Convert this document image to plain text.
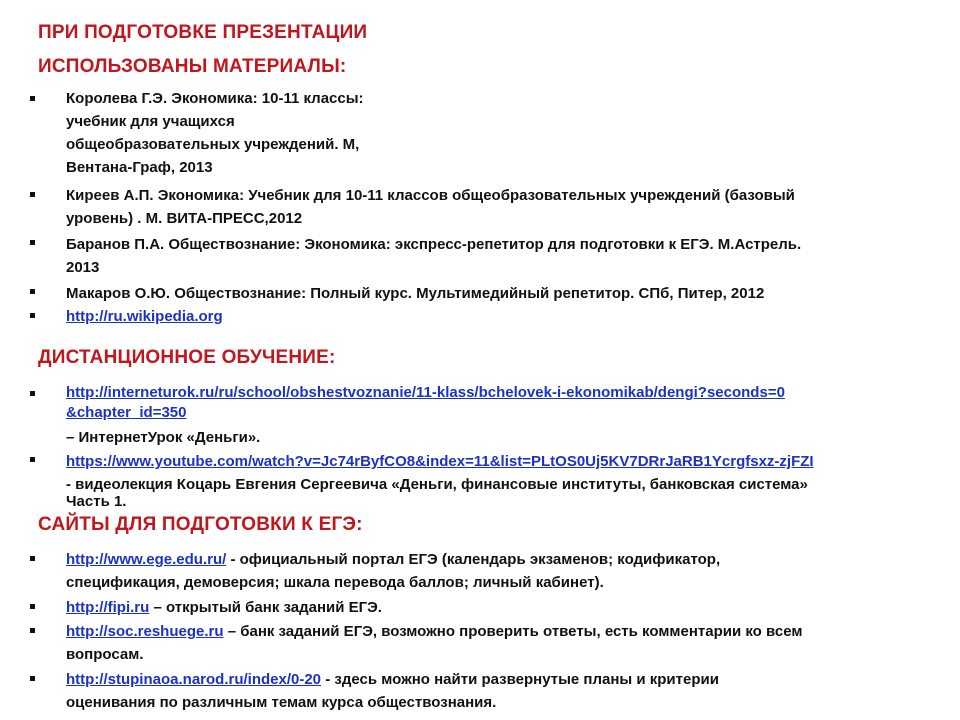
ПРИ ПОДГОТОВКЕ ПРЕЗЕНТАЦИИ
ИСПОЛЬЗОВАНЫ МАТЕРИАЛЫ:
Королева Г.Э. Экономика: 10-11 классы:
учебник для учащихся
общеобразовательных учреждений. М,
Вентана-Граф, 2013
Киреев А.П. Экономика: Учебник для 10-11 классов общеобразовательных учреждений (базовый
уровень) . М. ВИТА-ПРЕСС,2012
Баранов П.А. Обществознание: Экономика: экспресс-репетитор для подготовки к ЕГЭ. М.Астрель.
2013
Макаров О.Ю. Обществознание: Полный курс. Мультимедийный репетитор. СПб, Питер, 2012
http://ru.wikipedia.org
ДИСТАНЦИОННОЕ ОБУЧЕНИЕ:
http://interneturok.ru/ru/school/obshestvoznanie/11-klass/bchelovek-i-ekonomikab/dengi?seconds=0
&chapter_id=350
– ИнтернетУрок «Деньги».
https://www.youtube.com/watch?v=Jc74rByfCO8&index=11&list=PLtOS0Uj5KV7DRrJaRB1Ycrgfsxz-zjFZI
- видеолекция Коцарь Евгения Сергеевича «Деньги, финансовые институты, банковская система»
Часть 1.
САЙТЫ ДЛЯ ПОДГОТОВКИ К ЕГЭ:
http://www.ege.edu.ru/ - официальный портал ЕГЭ (календарь экзаменов; кодификатор,
спецификация, демоверсия; шкала перевода баллов; личный кабинет).
http://fipi.ru – открытый банк заданий ЕГЭ.
http://soc.reshuege.ru – банк заданий ЕГЭ, возможно проверить ответы, есть комментарии ко всем
вопросам.
http://stupinaoa.narod.ru/index/0-20 - здесь можно найти развернутые планы и критерии
оценивания по различным темам курса обществознания.
